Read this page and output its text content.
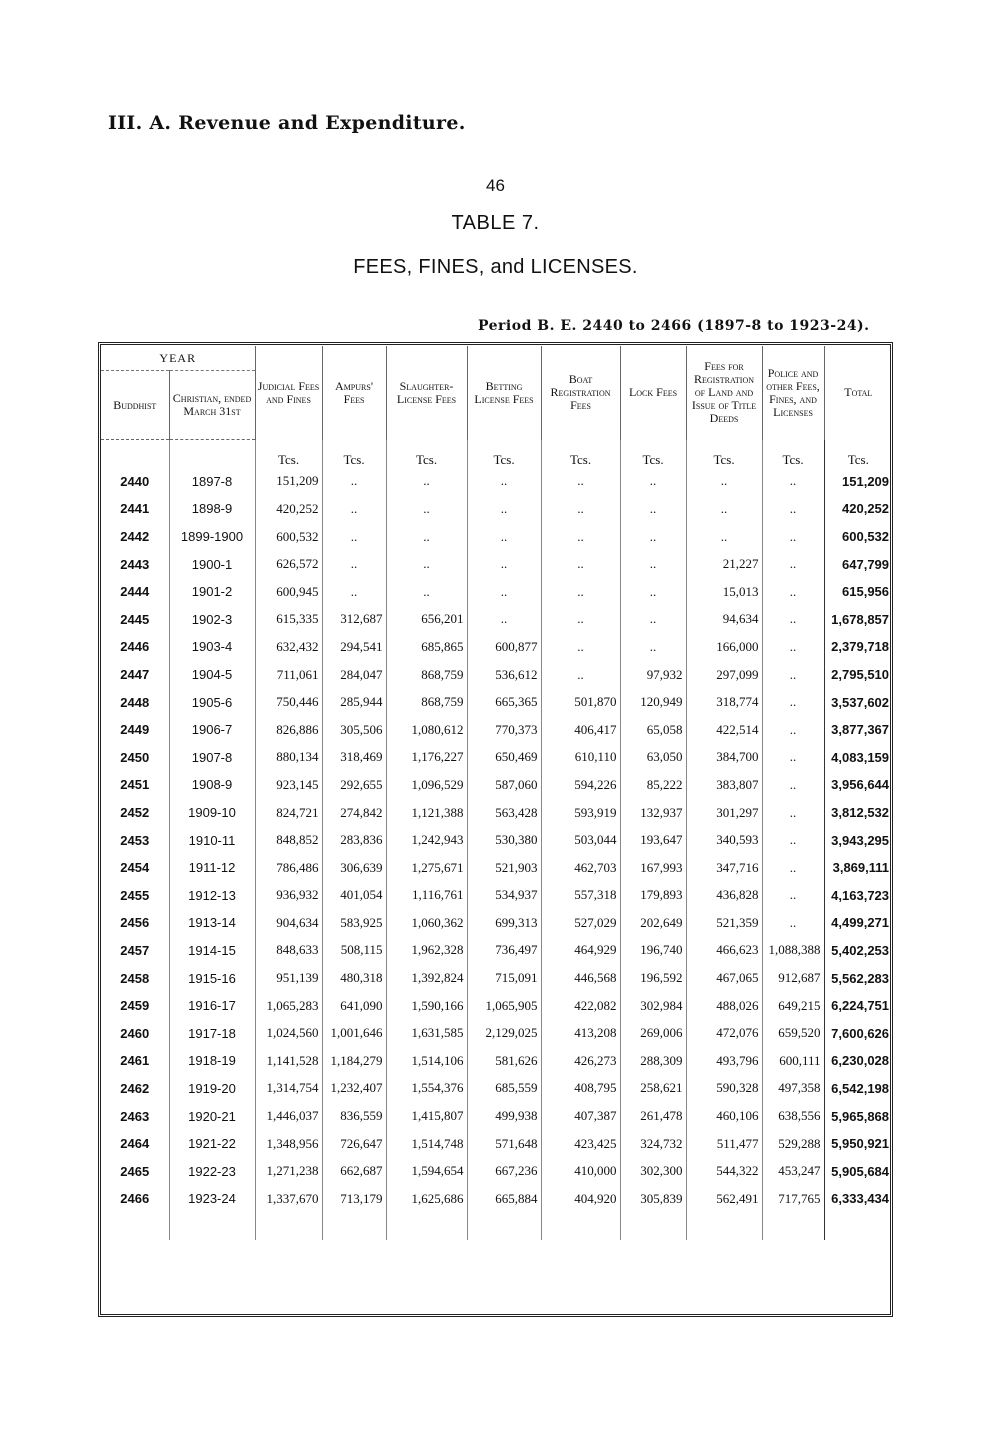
III. A. Revenue and Expenditure.
46
TABLE 7.
FEES, FINES, and LICENSES.
Period B. E. 2440 to 2466 (1897-8 to 1923-24).
YEAR		Judicial Fees and Fines	Ampurs' Fees	Slaughter-License Fees	Betting License Fees	Boat Registration Fees	Lock Fees	Fees for Registration of Land and Issue of Title Deeds	Police and other Fees, Fines, and Licenses	Total
Buddhist	Christian, ended March 31st									
		Tcs.	Tcs.	Tcs.	Tcs.	Tcs.	Tcs.	Tcs.	Tcs.	Tcs.
2440	1897-8	151,209	..	..	..	..	..	..	..	151,209
2441	1898-9	420,252	..	..	..	..	..	..	..	420,252
2442	1899-1900	600,532	..	..	..	..	..	..	..	600,532
2443	1900-1	626,572	..	..	..	..	..	21,227	..	647,799
2444	1901-2	600,945	..	..	..	..	..	15,013	..	615,956
2445	1902-3	615,335	312,687	656,201	..	..	..	94,634	..	1,678,857
2446	1903-4	632,432	294,541	685,865	600,877	..	..	166,000	..	2,379,718
2447	1904-5	711,061	284,047	868,759	536,612	..	97,932	297,099	..	2,795,510
2448	1905-6	750,446	285,944	868,759	665,365	501,870	120,949	318,774	..	3,537,602
2449	1906-7	826,886	305,506	1,080,612	770,373	406,417	65,058	422,514	..	3,877,367
2450	1907-8	880,134	318,469	1,176,227	650,469	610,110	63,050	384,700	..	4,083,159
2451	1908-9	923,145	292,655	1,096,529	587,060	594,226	85,222	383,807	..	3,956,644
2452	1909-10	824,721	274,842	1,121,388	563,428	593,919	132,937	301,297	..	3,812,532
2453	1910-11	848,852	283,836	1,242,943	530,380	503,044	193,647	340,593	..	3,943,295
2454	1911-12	786,486	306,639	1,275,671	521,903	462,703	167,993	347,716	..	3,869,111
2455	1912-13	936,932	401,054	1,116,761	534,937	557,318	179,893	436,828	..	4,163,723
2456	1913-14	904,634	583,925	1,060,362	699,313	527,029	202,649	521,359	..	4,499,271
2457	1914-15	848,633	508,115	1,962,328	736,497	464,929	196,740	466,623	1,088,388	5,402,253
2458	1915-16	951,139	480,318	1,392,824	715,091	446,568	196,592	467,065	912,687	5,562,283
2459	1916-17	1,065,283	641,090	1,590,166	1,065,905	422,082	302,984	488,026	649,215	6,224,751
2460	1917-18	1,024,560	1,001,646	1,631,585	2,129,025	413,208	269,006	472,076	659,520	7,600,626
2461	1918-19	1,141,528	1,184,279	1,514,106	581,626	426,273	288,309	493,796	600,111	6,230,028
2462	1919-20	1,314,754	1,232,407	1,554,376	685,559	408,795	258,621	590,328	497,358	6,542,198
2463	1920-21	1,446,037	836,559	1,415,807	499,938	407,387	261,478	460,106	638,556	5,965,868
2464	1921-22	1,348,956	726,647	1,514,748	571,648	423,425	324,732	511,477	529,288	5,950,921
2465	1922-23	1,271,238	662,687	1,594,654	667,236	410,000	302,300	544,322	453,247	5,905,684
2466	1923-24	1,337,670	713,179	1,625,686	665,884	404,920	305,839	562,491	717,765	6,333,434
